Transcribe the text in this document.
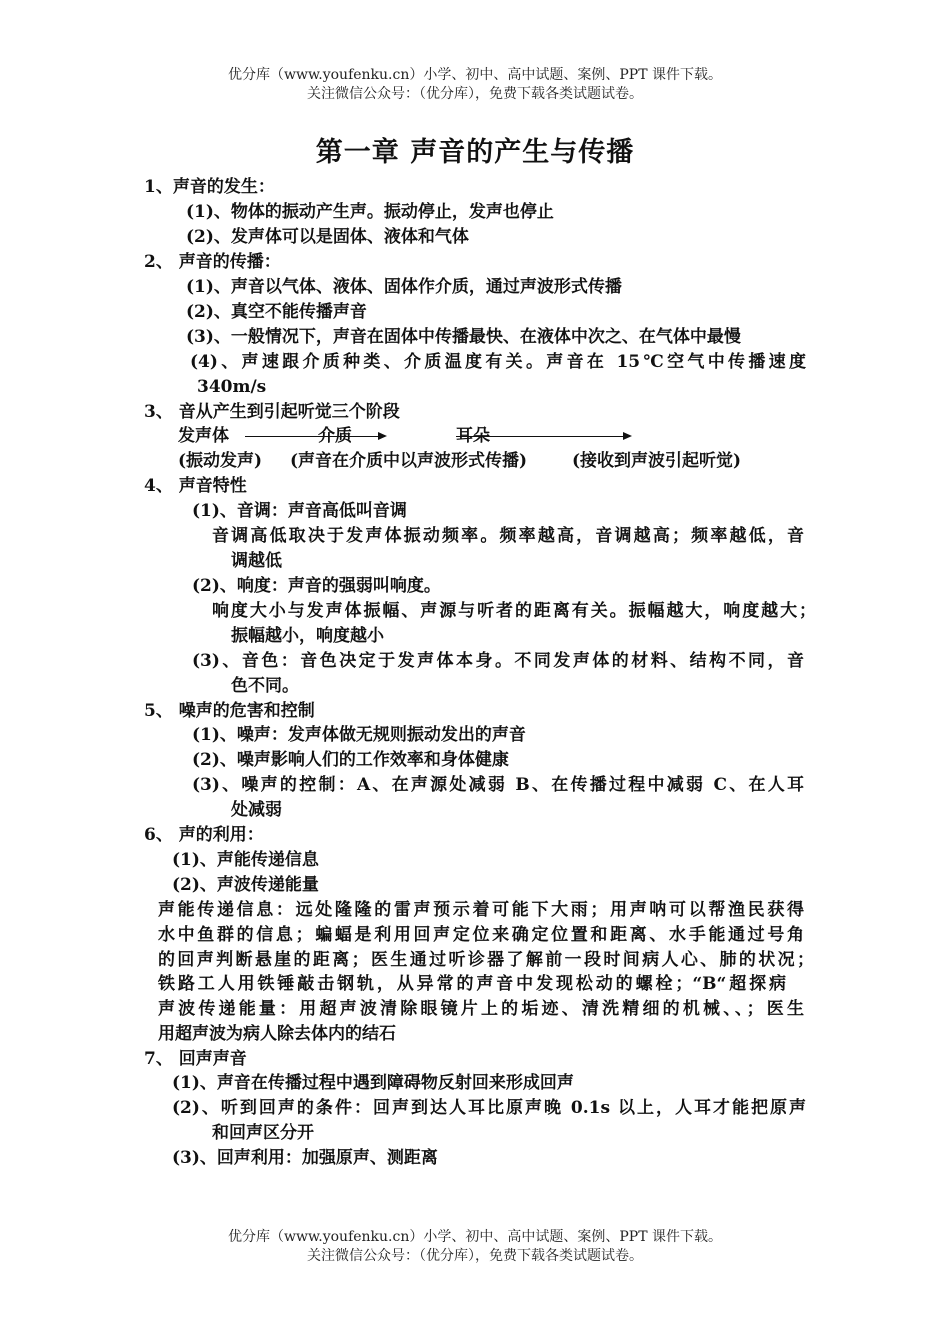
优分库（www.youfenku.cn）小学、初中、高中试题、案例、PPT 课件下载。
关注微信公众号：（优分库），免费下载各类试题试卷。
第一章 声音的产生与传播
1、声音的发生：
(1)、物体的振动产生声。振动停止，发声也停止
(2)、发声体可以是固体、液体和气体
2、 声音的传播：
(1)、声音以气体、液体、固体作介质，通过声波形式传播
(2)、真空不能传播声音
(3)、一般情况下，声音在固体中传播最快、在液体中次之、在气体中最慢
(4)、声速跟介质种类、介质温度有关。声音在 15℃空气中传播速度
340m/s
3、 音从产生到引起听觉三个阶段
发声体	介质	耳朵
(振动发声) (声音在介质中以声波形式传播)	(接收到声波引起听觉)
4、 声音特性
(1)、音调：声音高低叫音调
音调高低取决于发声体振动频率。频率越高，音调越高；频率越低，音
调越低
(2)、响度：声音的强弱叫响度。
响度大小与发声体振幅、声源与听者的距离有关。振幅越大，响度越大；
振幅越小，响度越小
(3)、音色：音色决定于发声体本身。不同发声体的材料、结构不同，音
色不同。
5、 噪声的危害和控制
(1)、噪声：发声体做无规则振动发出的声音
(2)、噪声影响人们的工作效率和身体健康
(3)、噪声的控制：A、在声源处减弱 B、在传播过程中减弱 C、在人耳
处减弱
6、 声的利用：
(1)、声能传递信息
(2)、声波传递能量
声能传递信息：远处隆隆的雷声预示着可能下大雨；用声呐可以帮渔民获得
水中鱼群的信息；蝙蝠是利用回声定位来确定位置和距离、水手能通过号角
的回声判断悬崖的距离；医生通过听诊器了解前一段时间病人心、肺的状况；
铁路工人用铁锤敲击钢轨，从异常的声音中发现松动的螺栓；“B“超探病
声波传递能量：用超声波清除眼镜片上的垢迹、清洗精细的机械、、；医生
用超声波为病人除去体内的结石
7、 回声声音
(1)、声音在传播过程中遇到障碍物反射回来形成回声
(2)、听到回声的条件：回声到达人耳比原声晚 0.1s 以上，人耳才能把原声
和回声区分开
(3)、回声利用：加强原声、测距离
优分库（www.youfenku.cn）小学、初中、高中试题、案例、PPT 课件下载。
关注微信公众号：（优分库），免费下载各类试题试卷。
